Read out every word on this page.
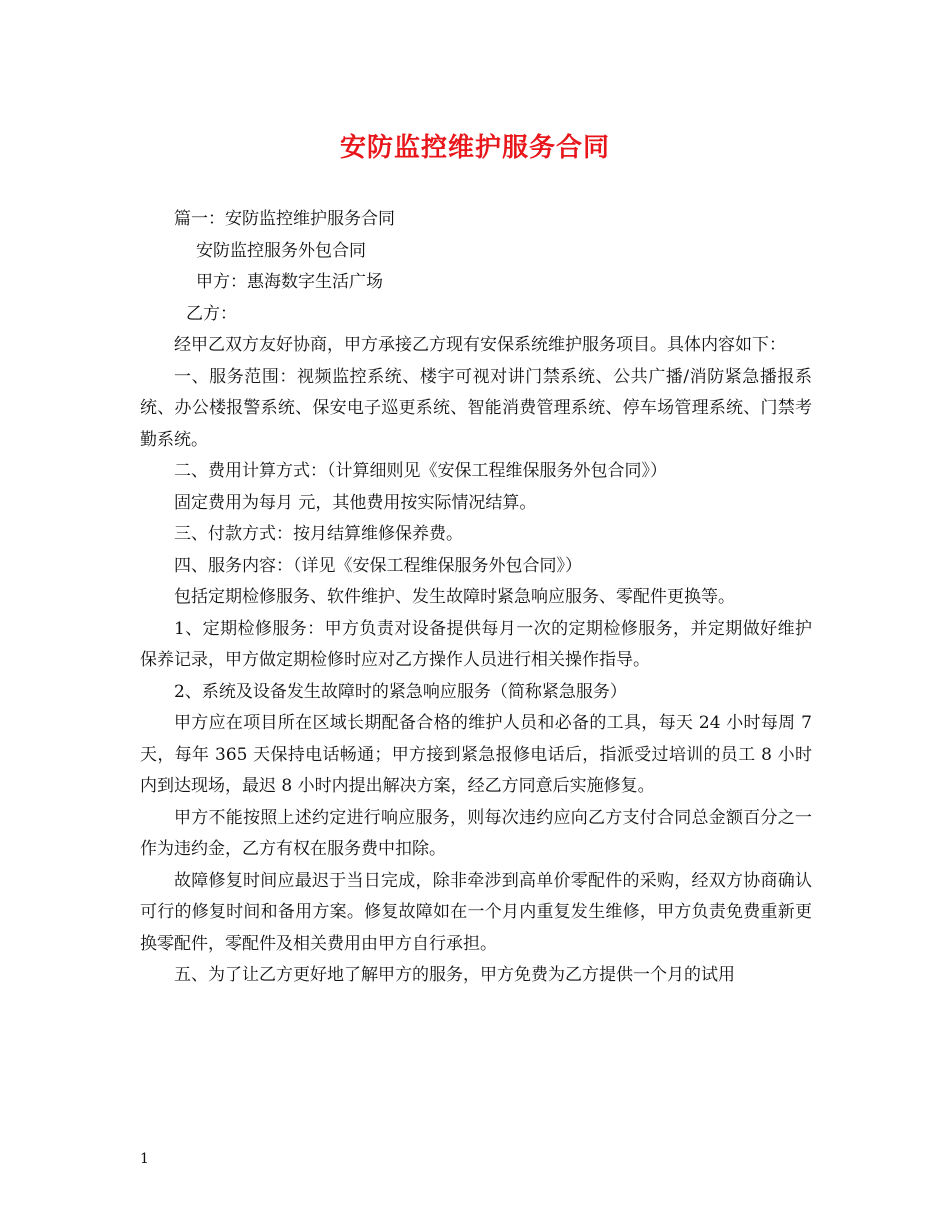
安防监控维护服务合同

篇一：安防监控维护服务合同

安防监控服务外包合同

甲方：惠海数字生活广场

乙方：

经甲乙双方友好协商，甲方承接乙方现有安保系统维护服务项目。具体内容如下：

一、服务范围：视频监控系统、楼宇可视对讲门禁系统、公共广播/消防紧急播报系统、办公楼报警系统、保安电子巡更系统、智能消费管理系统、停车场管理系统、门禁考勤系统。

二、费用计算方式：（计算细则见《安保工程维保服务外包合同》）

固定费用为每月 元，其他费用按实际情况结算。

三、付款方式：按月结算维修保养费。

四、服务内容：（详见《安保工程维保服务外包合同》）

包括定期检修服务、软件维护、发生故障时紧急响应服务、零配件更换等。

1、定期检修服务：甲方负责对设备提供每月一次的定期检修服务，并定期做好维护保养记录，甲方做定期检修时应对乙方操作人员进行相关操作指导。

2、系统及设备发生故障时的紧急响应服务（简称紧急服务）

甲方应在项目所在区域长期配备合格的维护人员和必备的工具，每天 24 小时每周 7 天，每年 365 天保持电话畅通；甲方接到紧急报修电话后，指派受过培训的员工 8 小时内到达现场，最迟 8 小时内提出解决方案，经乙方同意后实施修复。

甲方不能按照上述约定进行响应服务，则每次违约应向乙方支付合同总金额百分之一作为违约金，乙方有权在服务费中扣除。

故障修复时间应最迟于当日完成，除非牵涉到高单价零配件的采购，经双方协商确认可行的修复时间和备用方案。修复故障如在一个月内重复发生维修，甲方负责免费重新更换零配件，零配件及相关费用由甲方自行承担。

五、为了让乙方更好地了解甲方的服务，甲方免费为乙方提供一个月的试用

1
